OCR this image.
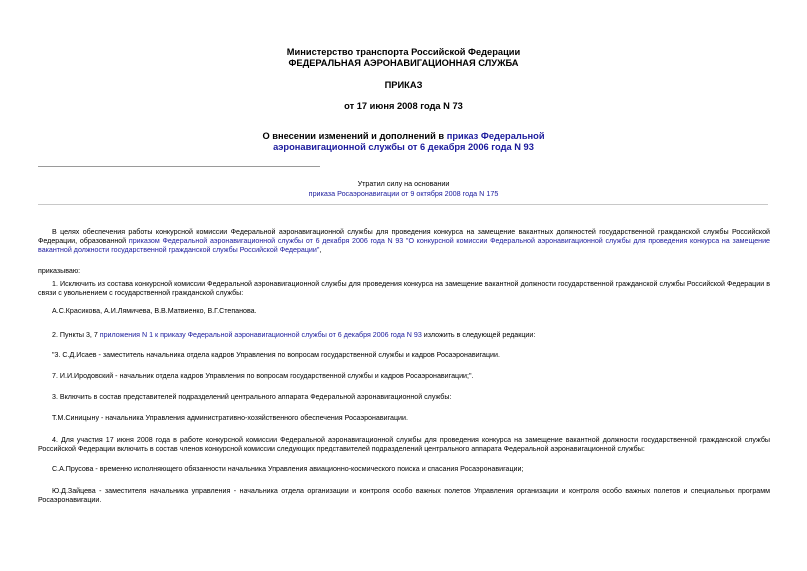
Министерство транспорта Российской Федерации
ФЕДЕРАЛЬНАЯ АЭРОНАВИГАЦИОННАЯ СЛУЖБА
ПРИКАЗ
от 17 июня 2008 года N 73
О внесении изменений и дополнений в приказ Федеральной
аэронавигационной службы от 6 декабря 2006 года N 93
Утратил силу на основании
приказа Росаэронавигации от 9 октября 2008 года N 175

В целях обеспечения работы конкурсной комиссии Федеральной аэронавигационной службы для проведения конкурса на замещение вакантных должностей государственной гражданской службы Российской Федерации, образованной приказом Федеральной аэронавигационной службы от 6 декабря 2006 года N 93 "О конкурсной комиссии Федеральной аэронавигационной службы для проведения конкурса на замещение вакантной должности государственной гражданской службы Российской Федерации",

приказываю:

1. Исключить из состава конкурсной комиссии Федеральной аэронавигационной службы для проведения конкурса на замещение вакантной должности государственной гражданской службы Российской Федерации в связи с увольнением с государственной гражданской службы:

А.С.Красикова, А.И.Лямичева, В.В.Матвиенко, В.Г.Степанова.

2. Пункты 3, 7 приложения N 1 к приказу Федеральной аэронавигационной службы от 6 декабря 2006 года N 93 изложить в следующей редакции:

"3. С.Д.Исаев - заместитель начальника отдела кадров Управления по вопросам государственной службы и кадров Росаэронавигации.

7. И.И.Иродовский - начальник отдела кадров Управления по вопросам государственной службы и кадров Росаэронавигации;".

3. Включить в состав представителей подразделений центрального аппарата Федеральной аэронавигационной службы:

Т.М.Синицыну - начальника Управления административно-хозяйственного обеспечения Росаэронавигации.

4. Для участия 17 июня 2008 года в работе конкурсной комиссии Федеральной аэронавигационной службы для проведения конкурса на замещение вакантной должности государственной гражданской службы Российской Федерации включить в состав членов конкурсной комиссии следующих представителей подразделений центрального аппарата Федеральной аэронавигационной службы:

С.А.Прусова - временно исполняющего обязанности начальника Управления авиационно-космического поиска и спасания Росаэронавигации;

Ю.Д.Зайцева - заместителя начальника управления - начальника отдела организации и контроля особо важных полетов Управления организации и контроля особо важных полетов и специальных программ Росаэронавигации.
